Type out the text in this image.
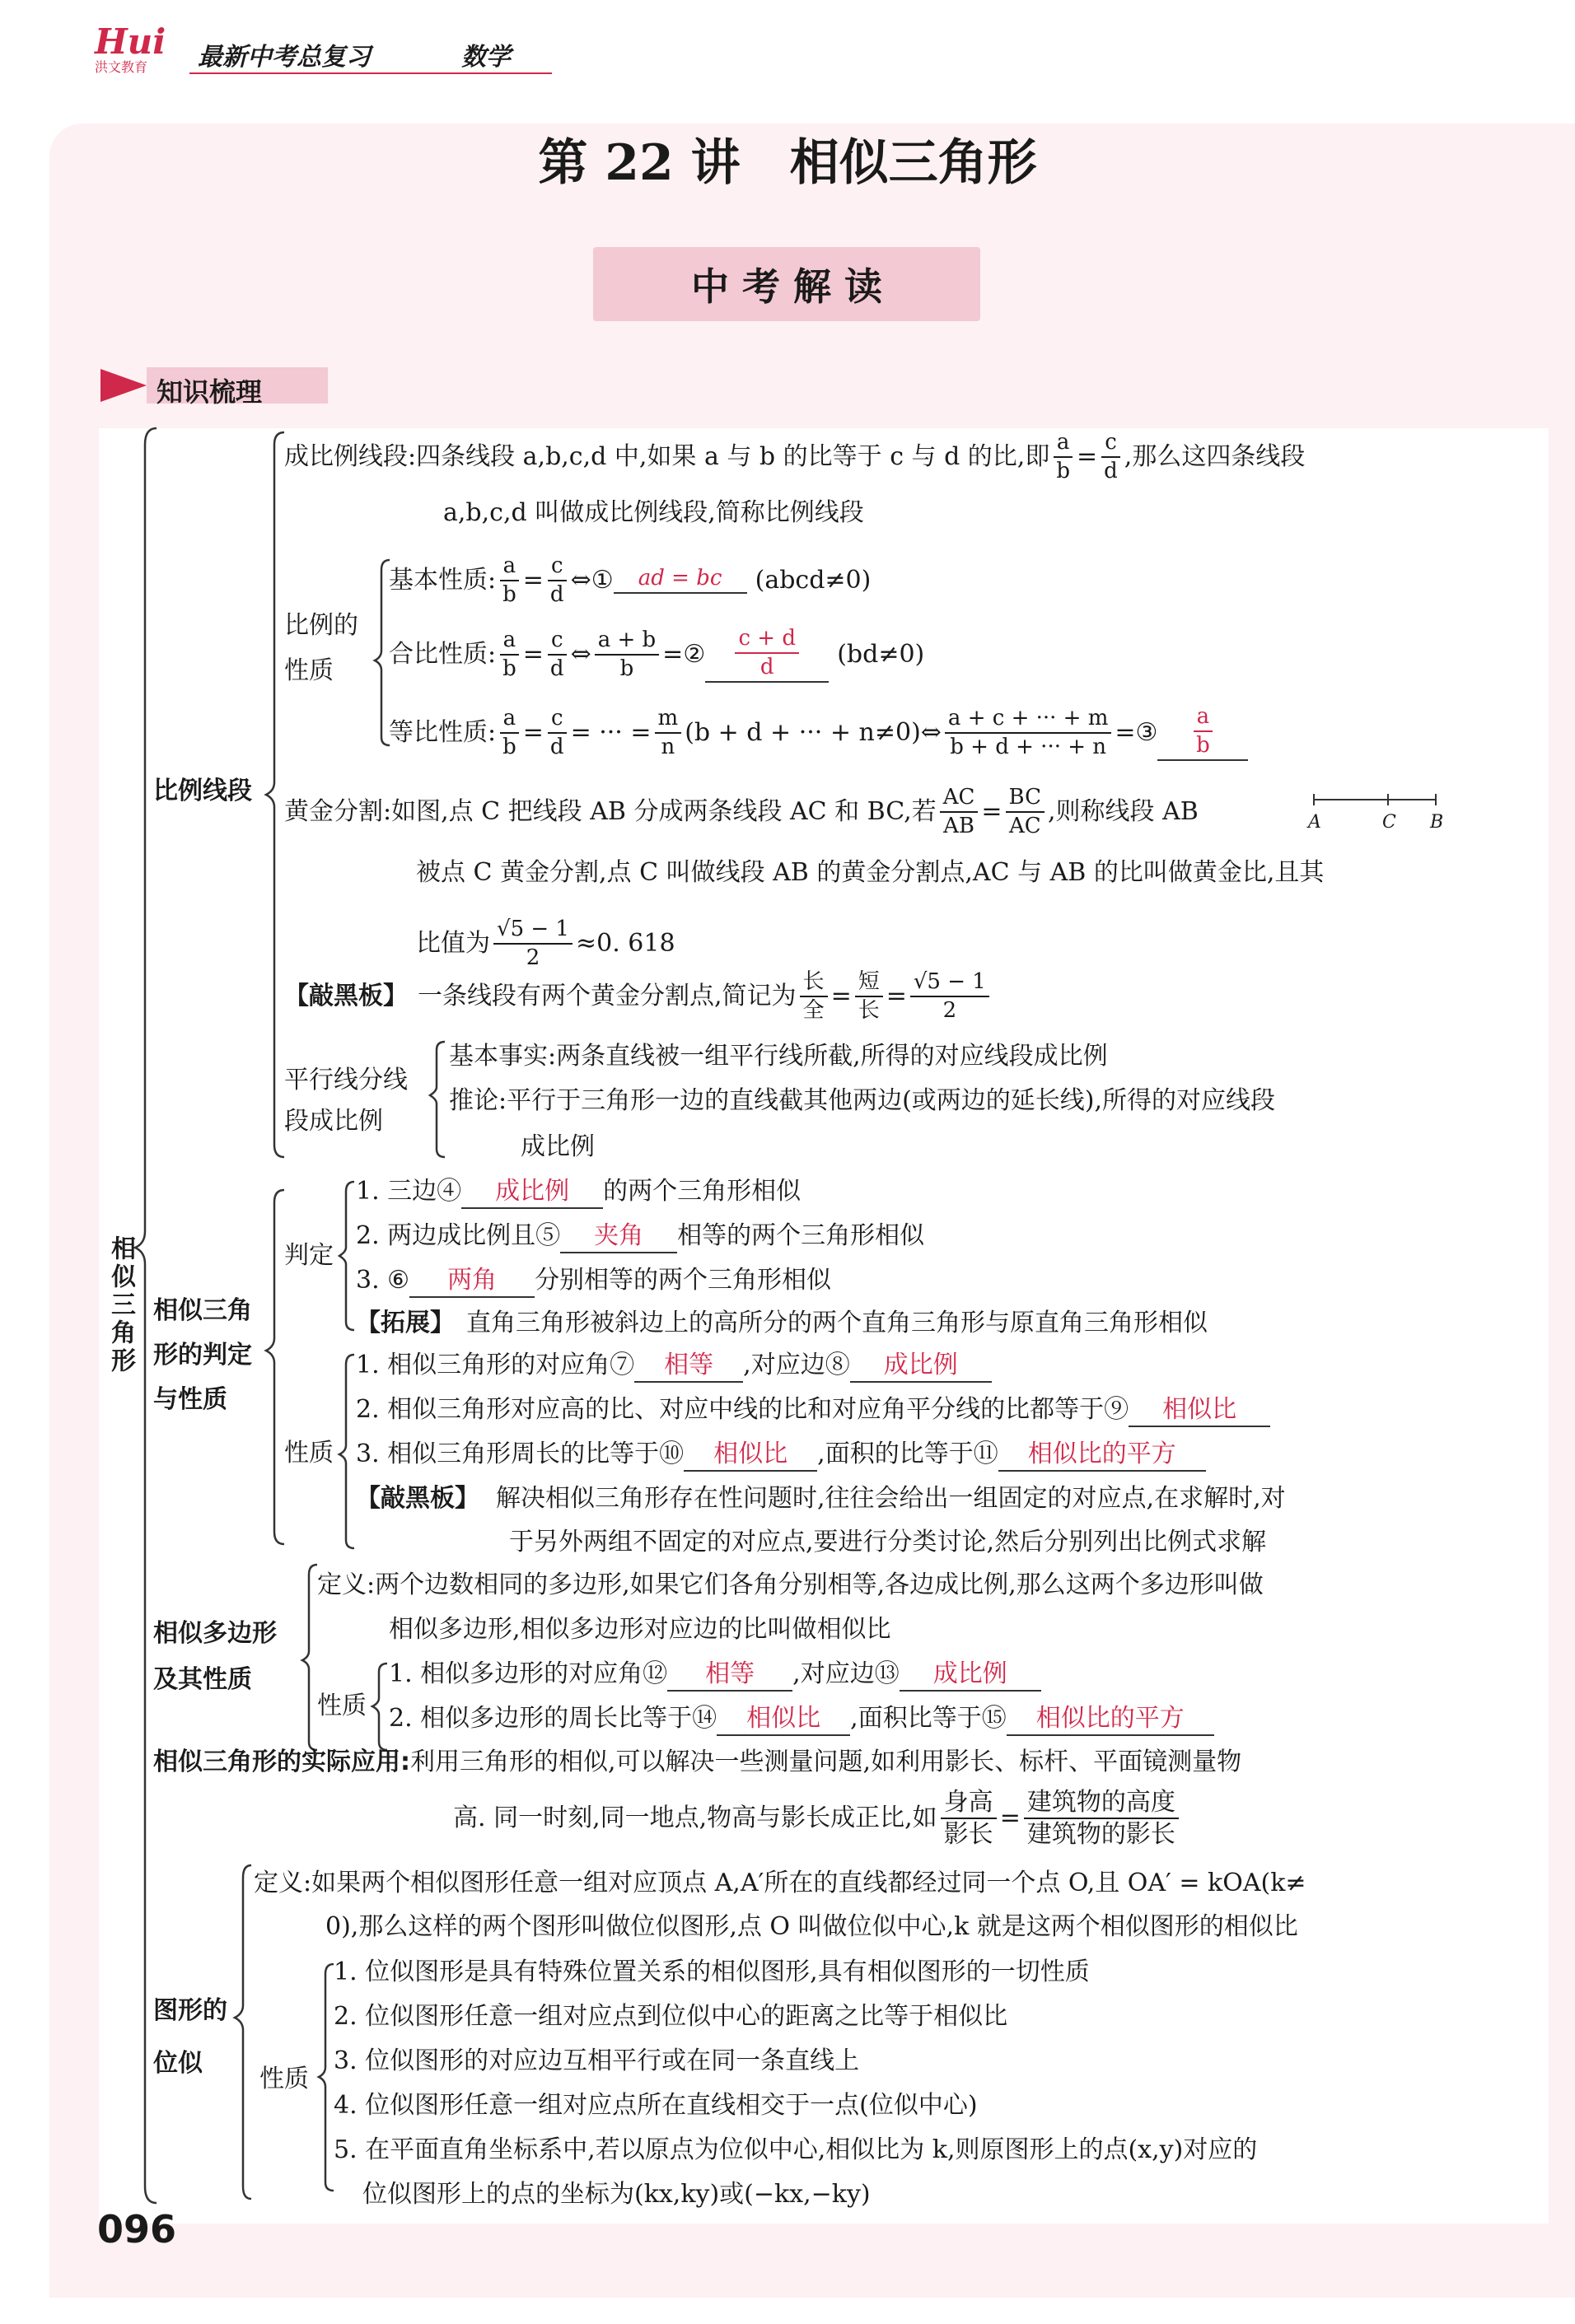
Hui
洪文教育	最新中考总复习	数学
第 22 讲　相似三角形
中 考 解 读
知识梳理
相似三角形
比例线段
成比例线段:四条线段 a,b,c,d 中,如果 a 与 b 的比等于 c 与 d 的比,即 $\frac{a}{b} = \frac{c}{d}$ ,那么这四条线段
a,b,c,d 叫做成比例线段,简称比例线段
比例的
性质
基本性质: $\frac{a}{b} = \frac{c}{d}$ ⇔ ①	ad = bc	(abcd≠0)
合比性质: $\frac{a}{b} = \frac{c}{d}$ ⇔ $\frac{a + b}{b}$ = ② $\frac{c + d}{d} (bd\ne 0)$
等比性质: $\frac{a}{b} = \frac{c}{d}$ = ··· = $\frac{m}{n} (b + d$ + ··· + n≠0)⇔ $\frac{a + c + \cdot\cdot\cdot + m}{b + d + \cdot\cdot\cdot + n}$ = ③ $\frac{a}{b}$
黄金分割:如图,点 C 把线段 AB 分成两条线段 AC 和 BC,若 $\frac{AC}{AB} = \frac{BC}{AC}$ ,则称线段 AB	A	C B
被点 C 黄金分割,点 C 叫做线段 AB 的黄金分割点,AC 与 AB 的比叫做黄金比,且其
比值为 $\frac{√5 - 1}{2} \approx 0$. 618
【敲黑板】 一条线段有两个黄金分割点,简记为 $\frac{\text{长}}{\text{全}} = \frac{\text{短}}{\text{长}} = \frac{√5 - 1}{2}$
平行线分线
段成比例
基本事实:两条直线被一组平行线所截,所得的对应线段成比例
推论:平行于三角形一边的直线截其他两边(或两边的延长线),所得的对应线段
成比例
相似三角
形的判定
与性质
判定
1. 三边④ 成比例 的两个三角形相似
2. 两边成比例且⑤ 夹角 相等的两个三角形相似
3. ⑥ 两角 分别相等的两个三角形相似
【拓展】 直角三角形被斜边上的高所分的两个直角三角形与原直角三角形相似
性质
1. 相似三角形的对应角⑦ 相等 ,对应边⑧ 成比例
2. 相似三角形对应高的比、对应中线的比和对应角平分线的比都等于⑨ 相似比
3. 相似三角形周长的比等于⑩ 相似比 ,面积的比等于⑪ 相似比的平方
【敲黑板】 解决相似三角形存在性问题时,往往会给出一组固定的对应点,在求解时,对
于另外两组不固定的对应点,要进行分类讨论,然后分别列出比例式求解
相似多边形
及其性质
定义:两个边数相同的多边形,如果它们各角分别相等,各边成比例,那么这两个多边形叫做
相似多边形,相似多边形对应边的比叫做相似比
性质
1. 相似多边形的对应角⑫ 相等 ,对应边⑬ 成比例
2. 相似多边形的周长比等于⑭ 相似比 ,面积比等于⑮ 相似比的平方
相似三角形的实际应用:利用三角形的相似,可以解决一些测量问题,如利用影长、标杆、平面镜测量物
高. 同一时刻,同一地点,物高与影长成正比,如 $\frac{\text{身高}}{\text{影长}} = \frac{\text{建筑物的高度}}{\text{建筑物的影长}}$
图形的
位似
定义:如果两个相似图形任意一组对应顶点 A,A′所在的直线都经过同一个点 O,且 OA′ = kOA(k≠
0),那么这样的两个图形叫做位似图形,点 O 叫做位似中心,k 就是这两个相似图形的相似比
性质
1. 位似图形是具有特殊位置关系的相似图形,具有相似图形的一切性质
2. 位似图形任意一组对应点到位似中心的距离之比等于相似比
3. 位似图形的对应边互相平行或在同一条直线上
4. 位似图形任意一组对应点所在直线相交于一点(位似中心)
5. 在平面直角坐标系中,若以原点为位似中心,相似比为 k,则原图形上的点(x,y)对应的
位似图形上的点的坐标为(kx,ky)或(−kx,−ky)
096
